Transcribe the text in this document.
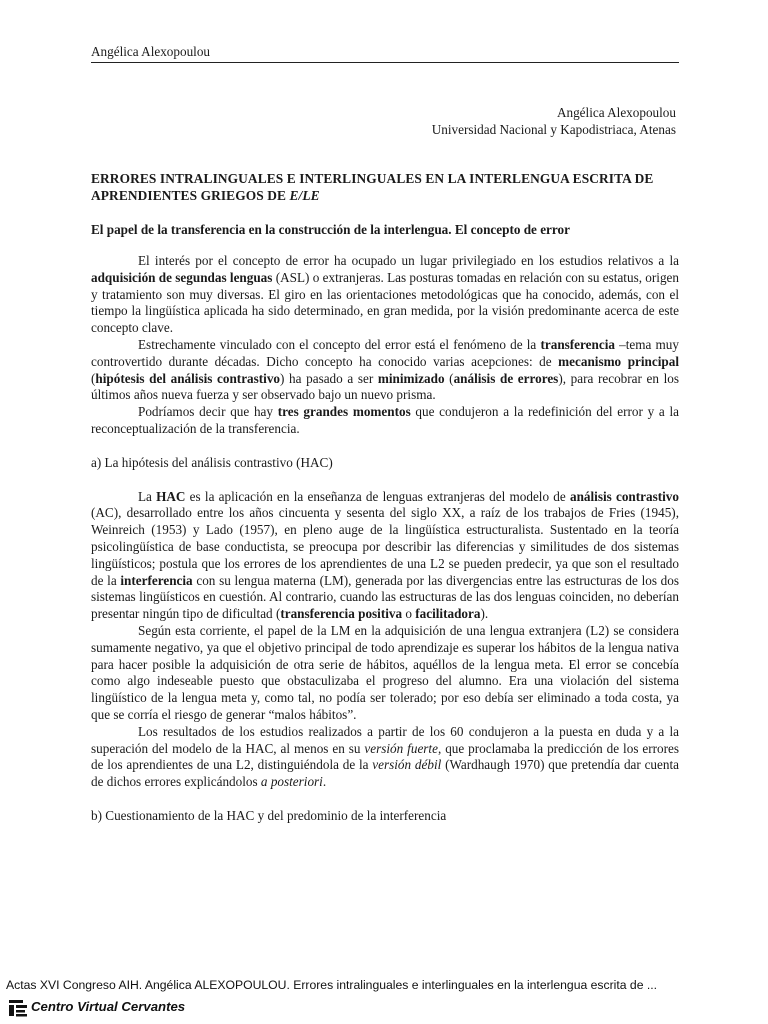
Angélica Alexopoulou
Angélica Alexopoulou
Universidad Nacional y Kapodistriaca, Atenas
ERRORES INTRALINGUALES E INTERLINGUALES EN LA INTERLENGUA ESCRITA DE APRENDIENTES GRIEGOS DE E/LE
El papel de la transferencia en la construcción de la interlengua. El concepto de error

El interés por el concepto de error ha ocupado un lugar privilegiado en los estudios relativos a la adquisición de segundas lenguas (ASL) o extranjeras. Las posturas tomadas en relación con su estatus, origen y tratamiento son muy diversas. El giro en las orientaciones metodológicas que ha conocido, además, con el tiempo la lingüística aplicada ha sido determinado, en gran medida, por la visión predominante acerca de este concepto clave.

Estrechamente vinculado con el concepto del error está el fenómeno de la transferencia –tema muy controvertido durante décadas. Dicho concepto ha conocido varias acepciones: de mecanismo principal (hipótesis del análisis contrastivo) ha pasado a ser minimizado (análisis de errores), para recobrar en los últimos años nueva fuerza y ser observado bajo un nuevo prisma.

Podríamos decir que hay tres grandes momentos que condujeron a la redefinición del error y a la reconceptualización de la transferencia.

a) La hipótesis del análisis contrastivo (HAC)

La HAC es la aplicación en la enseñanza de lenguas extranjeras del modelo de análisis contrastivo (AC), desarrollado entre los años cincuenta y sesenta del siglo XX, a raíz de los trabajos de Fries (1945), Weinreich (1953) y Lado (1957), en pleno auge de la lingüística estructuralista. Sustentado en la teoría psicolingüística de base conductista, se preocupa por describir las diferencias y similitudes de dos sistemas lingüísticos; postula que los errores de los aprendientes de una L2 se pueden predecir, ya que son el resultado de la interferencia con su lengua materna (LM), generada por las divergencias entre las estructuras de los dos sistemas lingüísticos en cuestión. Al contrario, cuando las estructuras de las dos lenguas coinciden, no deberían presentar ningún tipo de dificultad (transferencia positiva o facilitadora).

Según esta corriente, el papel de la LM en la adquisición de una lengua extranjera (L2) se considera sumamente negativo, ya que el objetivo principal de todo aprendizaje es superar los hábitos de la lengua nativa para hacer posible la adquisición de otra serie de hábitos, aquéllos de la lengua meta. El error se concebía como algo indeseable puesto que obstaculizaba el progreso del alumno. Era una violación del sistema lingüístico de la lengua meta y, como tal, no podía ser tolerado; por eso debía ser eliminado a toda costa, ya que se corría el riesgo de generar “malos hábitos”.

Los resultados de los estudios realizados a partir de los 60 condujeron a la puesta en duda y a la superación del modelo de la HAC, al menos en su versión fuerte, que proclamaba la predicción de los errores de los aprendientes de una L2, distinguiéndola de la versión débil (Wardhaugh 1970) que pretendía dar cuenta de dichos errores explicándolos a posteriori.

b) Cuestionamiento de la HAC y del predominio de la interferencia

Actas XVI Congreso AIH. Angélica ALEXOPOULOU. Errores intralinguales e interlinguales en la interlengua escrita de ...
Centro Virtual Cervantes
